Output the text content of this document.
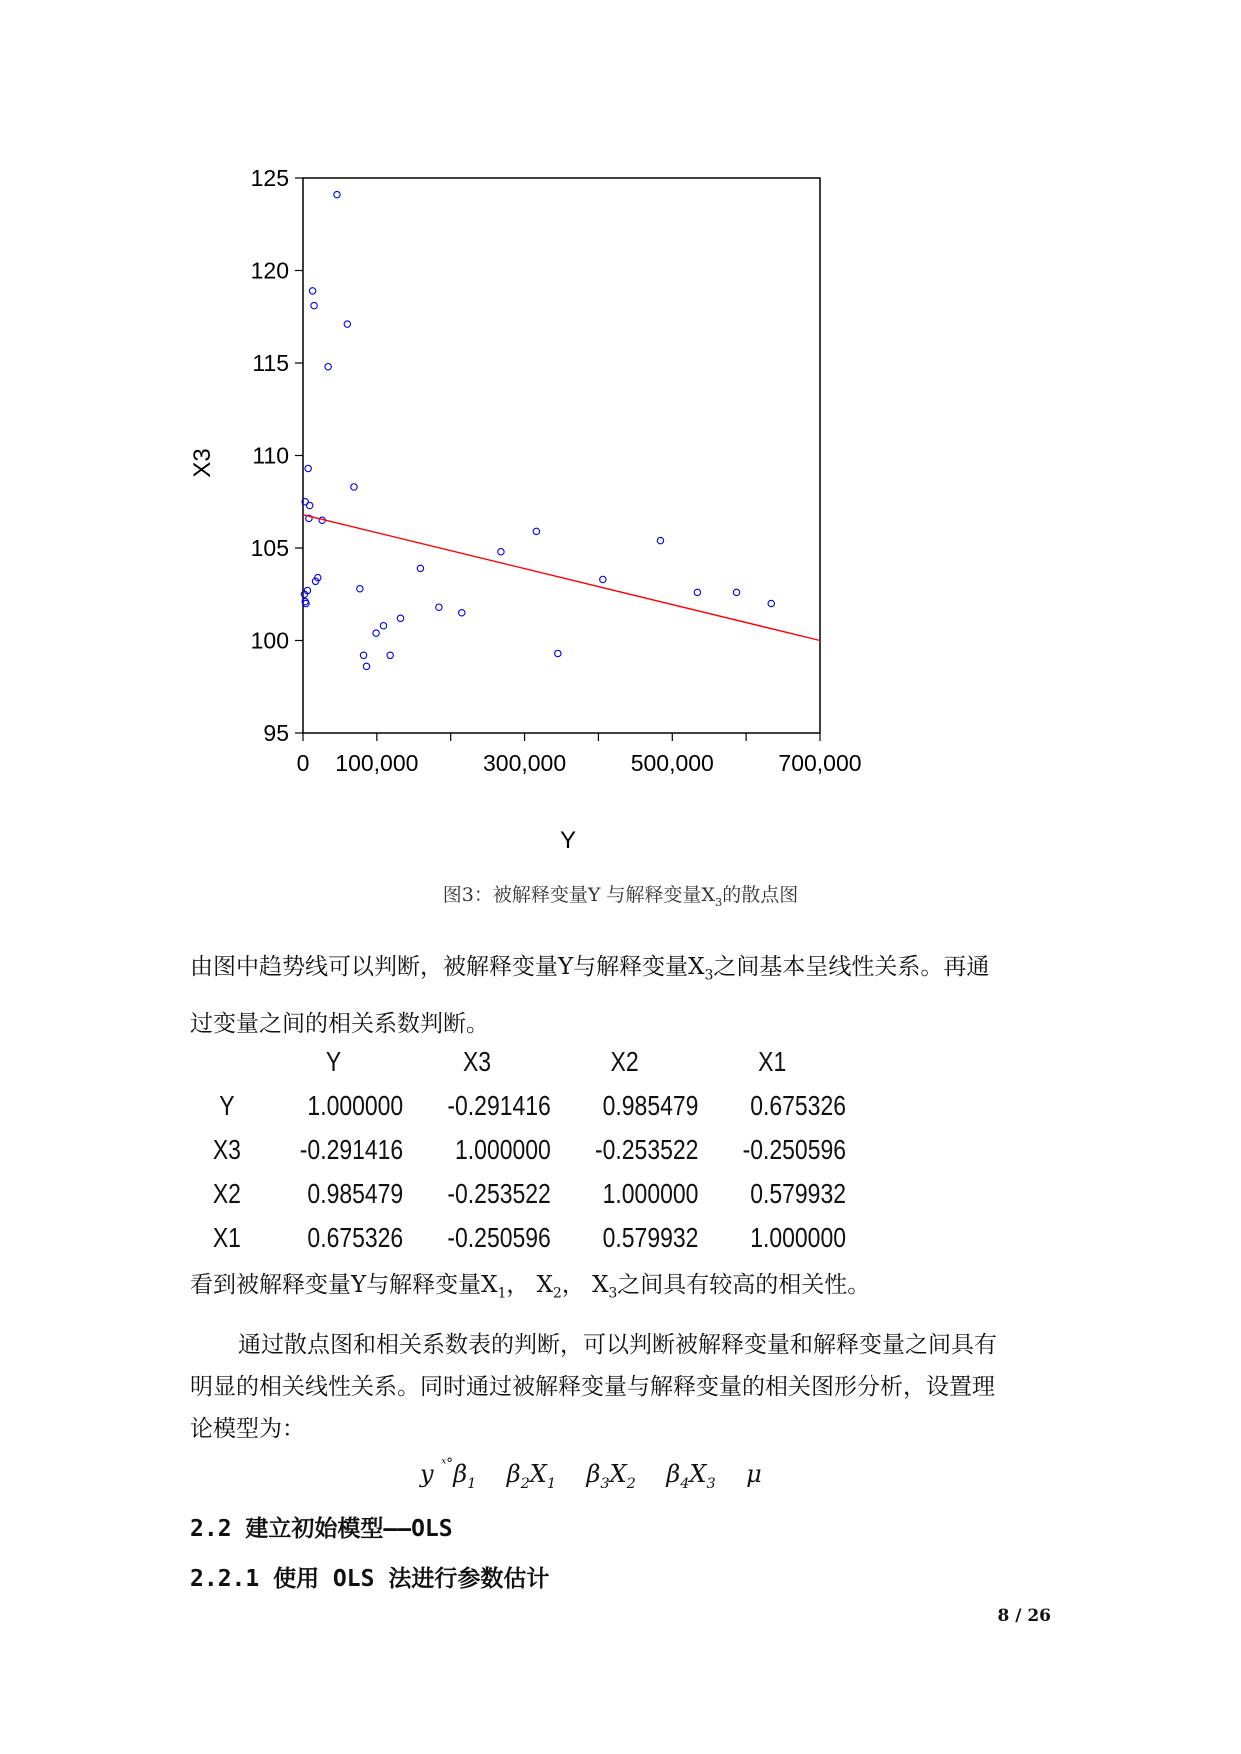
95
100
105
110
115
120
125
0 100,000	300,000	500,000	700,000
Y
X3
图3：被解释变量Y 与解释变量$X_3$的散点图
由图中趋势线可以判断，被解释变量Y与解释变量$X_3$之间基本呈线性关系。再通
过变量之间的相关系数判断。
	Y	X3	X2	X1
Y	1.000000	-0.291416	0.985479	0.675326
X3	-0.291416	1.000000	-0.253522	-0.250596
X2	0.985479	-0.253522	1.000000	0.579932
X1	0.675326	-0.250596	0.579932	1.000000
看到被解释变量Y与解释变量$X_1$， $X_2$， $X_3$之间具有较高的相关性。
通过散点图和相关系数表的判断，可以判断被解释变量和解释变量之间具有
明显的相关线性关系。同时通过被解释变量与解释变量的相关图形分析，设置理
论模型为：
y $^{ˣ^\circ}\beta_1$ $\beta_2X_1$ $\beta_3X_2$ $\beta_4X_3$ μ
2.2 建立初始模型——OLS
2.2.1 使用 OLS 法进行参数估计
8 / 26
